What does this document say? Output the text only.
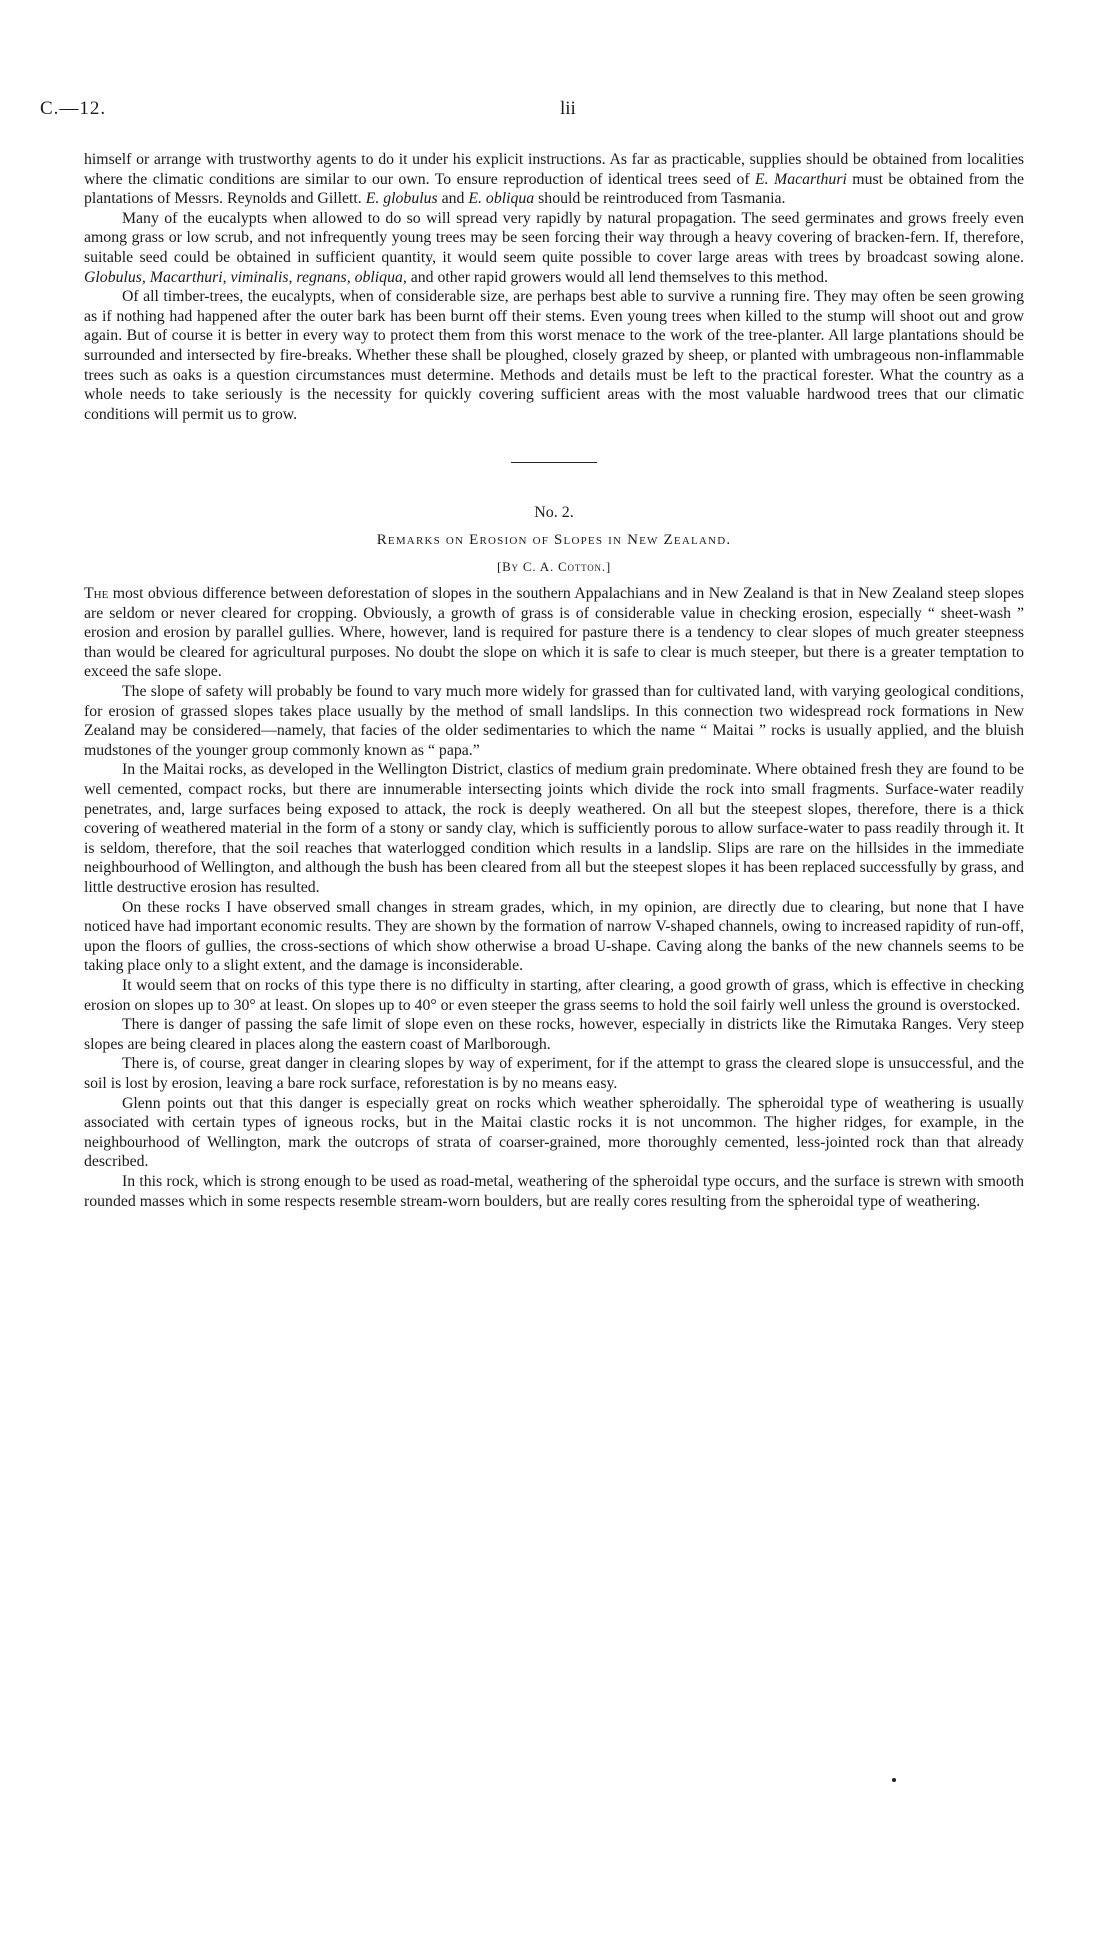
C.—12.	lii

himself or arrange with trustworthy agents to do it under his explicit instructions. As far as practicable, supplies should be obtained from localities where the climatic conditions are similar to our own. To ensure reproduction of identical trees seed of E. Macarthuri must be obtained from the plantations of Messrs. Reynolds and Gillett. E. globulus and E. obliqua should be reintroduced from Tasmania.

Many of the eucalypts when allowed to do so will spread very rapidly by natural propagation. The seed germinates and grows freely even among grass or low scrub, and not infrequently young trees may be seen forcing their way through a heavy covering of bracken-fern. If, therefore, suitable seed could be obtained in sufficient quantity, it would seem quite possible to cover large areas with trees by broadcast sowing alone. Globulus, Macarthuri, viminalis, regnans, obliqua, and other rapid growers would all lend themselves to this method.

Of all timber-trees, the eucalypts, when of considerable size, are perhaps best able to survive a running fire. They may often be seen growing as if nothing had happened after the outer bark has been burnt off their stems. Even young trees when killed to the stump will shoot out and grow again. But of course it is better in every way to protect them from this worst menace to the work of the tree-planter. All large plantations should be surrounded and intersected by fire-breaks. Whether these shall be ploughed, closely grazed by sheep, or planted with umbrageous non-inflammable trees such as oaks is a question circumstances must determine. Methods and details must be left to the practical forester. What the country as a whole needs to take seriously is the necessity for quickly covering sufficient areas with the most valuable hardwood trees that our climatic conditions will permit us to grow.

No. 2.
Remarks on Erosion of Slopes in New Zealand.
[By C. A. Cotton.]

The most obvious difference between deforestation of slopes in the southern Appalachians and in New Zealand is that in New Zealand steep slopes are seldom or never cleared for cropping. Obviously, a growth of grass is of considerable value in checking erosion, especially “ sheet-wash ” erosion and erosion by parallel gullies. Where, however, land is required for pasture there is a tendency to clear slopes of much greater steepness than would be cleared for agricultural purposes. No doubt the slope on which it is safe to clear is much steeper, but there is a greater temptation to exceed the safe slope.

The slope of safety will probably be found to vary much more widely for grassed than for cultivated land, with varying geological conditions, for erosion of grassed slopes takes place usually by the method of small landslips. In this connection two widespread rock formations in New Zealand may be considered—namely, that facies of the older sedimentaries to which the name “ Maitai ” rocks is usually applied, and the bluish mudstones of the younger group commonly known as “ papa.”

In the Maitai rocks, as developed in the Wellington District, clastics of medium grain predominate. Where obtained fresh they are found to be well cemented, compact rocks, but there are innumerable intersecting joints which divide the rock into small fragments. Surface-water readily penetrates, and, large surfaces being exposed to attack, the rock is deeply weathered. On all but the steepest slopes, therefore, there is a thick covering of weathered material in the form of a stony or sandy clay, which is sufficiently porous to allow surface-water to pass readily through it. It is seldom, therefore, that the soil reaches that waterlogged condition which results in a landslip. Slips are rare on the hillsides in the immediate neighbourhood of Wellington, and although the bush has been cleared from all but the steepest slopes it has been replaced successfully by grass, and little destructive erosion has resulted.

On these rocks I have observed small changes in stream grades, which, in my opinion, are directly due to clearing, but none that I have noticed have had important economic results. They are shown by the formation of narrow V-shaped channels, owing to increased rapidity of run-off, upon the floors of gullies, the cross-sections of which show otherwise a broad U-shape. Caving along the banks of the new channels seems to be taking place only to a slight extent, and the damage is inconsiderable.

It would seem that on rocks of this type there is no difficulty in starting, after clearing, a good growth of grass, which is effective in checking erosion on slopes up to 30° at least. On slopes up to 40° or even steeper the grass seems to hold the soil fairly well unless the ground is overstocked.

There is danger of passing the safe limit of slope even on these rocks, however, especially in districts like the Rimutaka Ranges. Very steep slopes are being cleared in places along the eastern coast of Marlborough.

There is, of course, great danger in clearing slopes by way of experiment, for if the attempt to grass the cleared slope is unsuccessful, and the soil is lost by erosion, leaving a bare rock surface, reforestation is by no means easy.

Glenn points out that this danger is especially great on rocks which weather spheroidally. The spheroidal type of weathering is usually associated with certain types of igneous rocks, but in the Maitai clastic rocks it is not uncommon. The higher ridges, for example, in the neighbourhood of Wellington, mark the outcrops of strata of coarser-grained, more thoroughly cemented, less-jointed rock than that already described.

In this rock, which is strong enough to be used as road-metal, weathering of the spheroidal type occurs, and the surface is strewn with smooth rounded masses which in some respects resemble stream-worn boulders, but are really cores resulting from the spheroidal type of weathering.
